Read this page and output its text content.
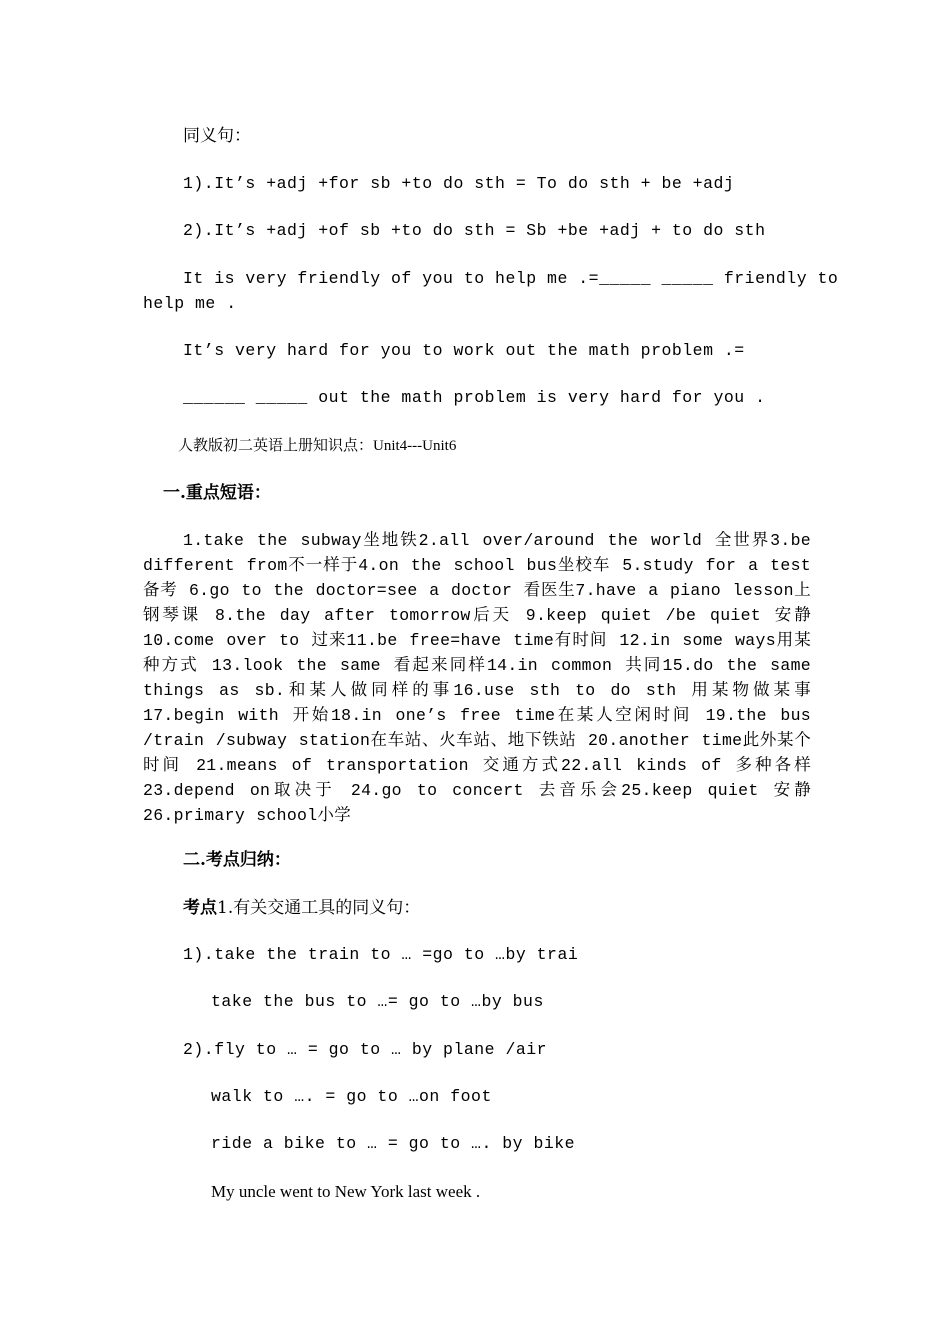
同义句：
1).It’s +adj +for sb +to do sth = To do sth + be +adj
2).It’s +adj +of sb +to do sth = Sb +be +adj + to do sth
It is very friendly of you to help me .=_____ _____ friendly to
help me .
It’s very hard for you to work out the math problem .=
______ _____ out the math problem is very hard for you .
人教版初二英语上册知识点：Unit4---Unit6
一.重点短语：
1.take the subway坐地铁2.all over/around the world 全世界3.be different from不一样于4.on the school bus坐校车 5.study for a test 备考 6.go to the doctor=see a doctor 看医生7.have a piano lesson上钢琴课 8.the day after tomorrow后天 9.keep quiet /be quiet 安静10.come over to 过来11.be free=have time有时间 12.in some ways用某种方式 13.look the same 看起来同样14.in common 共同15.do the same things as sb.和某人做同样的事16.use sth to do sth 用某物做某事 17.begin with 开始18.in one’s free time在某人空闲时间 19.the bus /train /subway station在车站、火车站、地下铁站 20.another time此外某个时间 21.means of transportation 交通方式22.all kinds of 多种各样 23.depend on取决于 24.go to concert 去音乐会25.keep quiet 安静 26.primary school小学
二.考点归纳：
考点1.有关交通工具的同义句：
1).take the train to … =go to …by trai
take the bus to …= go to …by bus
2).fly to … = go to … by plane /air
walk to …. = go to …on foot
ride a bike to … = go to …. by bike
My uncle went to New York last week .
